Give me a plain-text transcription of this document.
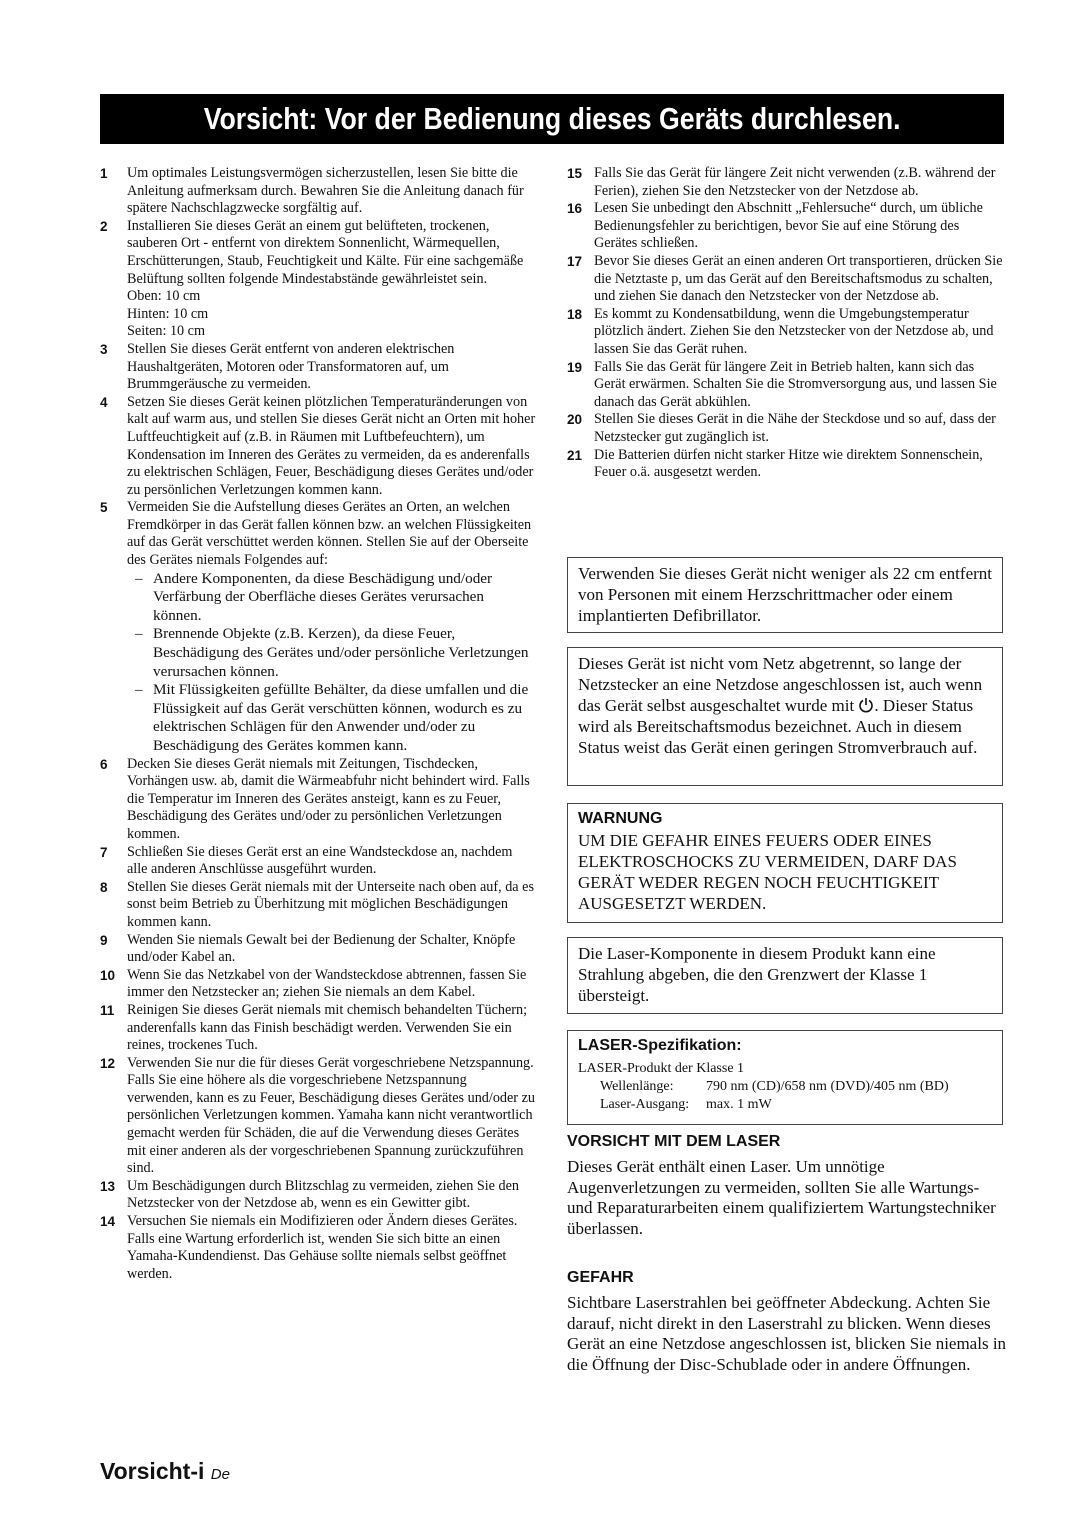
Vorsicht: Vor der Bedienung dieses Geräts durchlesen.
1 Um optimales Leistungsvermögen sicherzustellen, lesen Sie bitte die Anleitung aufmerksam durch. Bewahren Sie die Anleitung danach für spätere Nachschlagzwecke sorgfältig auf.
2 Installieren Sie dieses Gerät an einem gut belüfteten, trockenen, sauberen Ort - entfernt von direktem Sonnenlicht, Wärmequellen, Erschütterungen, Staub, Feuchtigkeit und Kälte. Für eine sachgemäße Belüftung sollten folgende Mindestabstände gewährleistet sein.
Oben: 10 cm
Hinten: 10 cm
Seiten: 10 cm
3 Stellen Sie dieses Gerät entfernt von anderen elektrischen Haushaltgeräten, Motoren oder Transformatoren auf, um Brummgeräusche zu vermeiden.
4 Setzen Sie dieses Gerät keinen plötzlichen Temperaturänderungen von kalt auf warm aus, und stellen Sie dieses Gerät nicht an Orten mit hoher Luftfeuchtigkeit auf (z.B. in Räumen mit Luftbefeuchtern), um Kondensation im Inneren des Gerätes zu vermeiden, da es anderenfalls zu elektrischen Schlägen, Feuer, Beschädigung dieses Gerätes und/oder zu persönlichen Verletzungen kommen kann.
5 Vermeiden Sie die Aufstellung dieses Gerätes an Orten, an welchen Fremdkörper in das Gerät fallen können bzw. an welchen Flüssigkeiten auf das Gerät verschüttet werden können. Stellen Sie auf der Oberseite des Gerätes niemals Folgendes auf:
– Andere Komponenten, da diese Beschädigung und/oder Verfärbung der Oberfläche dieses Gerätes verursachen können.
– Brennende Objekte (z.B. Kerzen), da diese Feuer, Beschädigung des Gerätes und/oder persönliche Verletzungen verursachen können.
– Mit Flüssigkeiten gefüllte Behälter, da diese umfallen und die Flüssigkeit auf das Gerät verschütten können, wodurch es zu elektrischen Schlägen für den Anwender und/oder zu Beschädigung des Gerätes kommen kann.
6 Decken Sie dieses Gerät niemals mit Zeitungen, Tischdecken, Vorhängen usw. ab, damit die Wärmeabfuhr nicht behindert wird. Falls die Temperatur im Inneren des Gerätes ansteigt, kann es zu Feuer, Beschädigung des Gerätes und/oder zu persönlichen Verletzungen kommen.
7 Schließen Sie dieses Gerät erst an eine Wandsteckdose an, nachdem alle anderen Anschlüsse ausgeführt wurden.
8 Stellen Sie dieses Gerät niemals mit der Unterseite nach oben auf, da es sonst beim Betrieb zu Überhitzung mit möglichen Beschädigungen kommen kann.
9 Wenden Sie niemals Gewalt bei der Bedienung der Schalter, Knöpfe und/oder Kabel an.
10 Wenn Sie das Netzkabel von der Wandsteckdose abtrennen, fassen Sie immer den Netzstecker an; ziehen Sie niemals an dem Kabel.
11 Reinigen Sie dieses Gerät niemals mit chemisch behandelten Tüchern; anderenfalls kann das Finish beschädigt werden. Verwenden Sie ein reines, trockenes Tuch.
12 Verwenden Sie nur die für dieses Gerät vorgeschriebene Netzspannung. Falls Sie eine höhere als die vorgeschriebene Netzspannung verwenden, kann es zu Feuer, Beschädigung dieses Gerätes und/oder zu persönlichen Verletzungen kommen. Yamaha kann nicht verantwortlich gemacht werden für Schäden, die auf die Verwendung dieses Gerätes mit einer anderen als der vorgeschriebenen Spannung zurückzuführen sind.
13 Um Beschädigungen durch Blitzschlag zu vermeiden, ziehen Sie den Netzstecker von der Netzdose ab, wenn es ein Gewitter gibt.
14 Versuchen Sie niemals ein Modifizieren oder Ändern dieses Gerätes. Falls eine Wartung erforderlich ist, wenden Sie sich bitte an einen Yamaha-Kundendienst. Das Gehäuse sollte niemals selbst geöffnet werden.
15 Falls Sie das Gerät für längere Zeit nicht verwenden (z.B. während der Ferien), ziehen Sie den Netzstecker von der Netzdose ab.
16 Lesen Sie unbedingt den Abschnitt „Fehlersuche“ durch, um übliche Bedienungsfehler zu berichtigen, bevor Sie auf eine Störung des Gerätes schließen.
17 Bevor Sie dieses Gerät an einen anderen Ort transportieren, drücken Sie die Netztaste p, um das Gerät auf den Bereitschaftsmodus zu schalten, und ziehen Sie danach den Netzstecker von der Netzdose ab.
18 Es kommt zu Kondensatbildung, wenn die Umgebungstemperatur plötzlich ändert. Ziehen Sie den Netzstecker von der Netzdose ab, und lassen Sie das Gerät ruhen.
19 Falls Sie das Gerät für längere Zeit in Betrieb halten, kann sich das Gerät erwärmen. Schalten Sie die Stromversorgung aus, und lassen Sie danach das Gerät abkühlen.
20 Stellen Sie dieses Gerät in die Nähe der Steckdose und so auf, dass der Netzstecker gut zugänglich ist.
21 Die Batterien dürfen nicht starker Hitze wie direktem Sonnenschein, Feuer o.ä. ausgesetzt werden.
Verwenden Sie dieses Gerät nicht weniger als 22 cm entfernt von Personen mit einem Herzschrittmacher oder einem implantierten Defibrillator.
Dieses Gerät ist nicht vom Netz abgetrennt, so lange der Netzstecker an eine Netzdose angeschlossen ist, auch wenn das Gerät selbst ausgeschaltet wurde mit . Dieser Status wird als Bereitschaftsmodus bezeichnet. Auch in diesem Status weist das Gerät einen geringen Stromverbrauch auf.
WARNUNG
UM DIE GEFAHR EINES FEUERS ODER EINES ELEKTROSCHOCKS ZU VERMEIDEN, DARF DAS GERÄT WEDER REGEN NOCH FEUCHTIGKEIT AUSGESETZT WERDEN.
Die Laser-Komponente in diesem Produkt kann eine Strahlung abgeben, die den Grenzwert der Klasse 1 übersteigt.
LASER-Spezifikation:
LASER-Produkt der Klasse 1
Wellenlänge:	790 nm (CD)/658 nm (DVD)/405 nm (BD)
Laser-Ausgang:	max. 1 mW
VORSICHT MIT DEM LASER
Dieses Gerät enthält einen Laser. Um unnötige Augenverletzungen zu vermeiden, sollten Sie alle Wartungs- und Reparaturarbeiten einem qualifiziertem Wartungstechniker überlassen.
GEFAHR
Sichtbare Laserstrahlen bei geöffneter Abdeckung. Achten Sie darauf, nicht direkt in den Laserstrahl zu blicken. Wenn dieses Gerät an eine Netzdose angeschlossen ist, blicken Sie niemals in die Öffnung der Disc-Schublade oder in andere Öffnungen.
Vorsicht-i De
